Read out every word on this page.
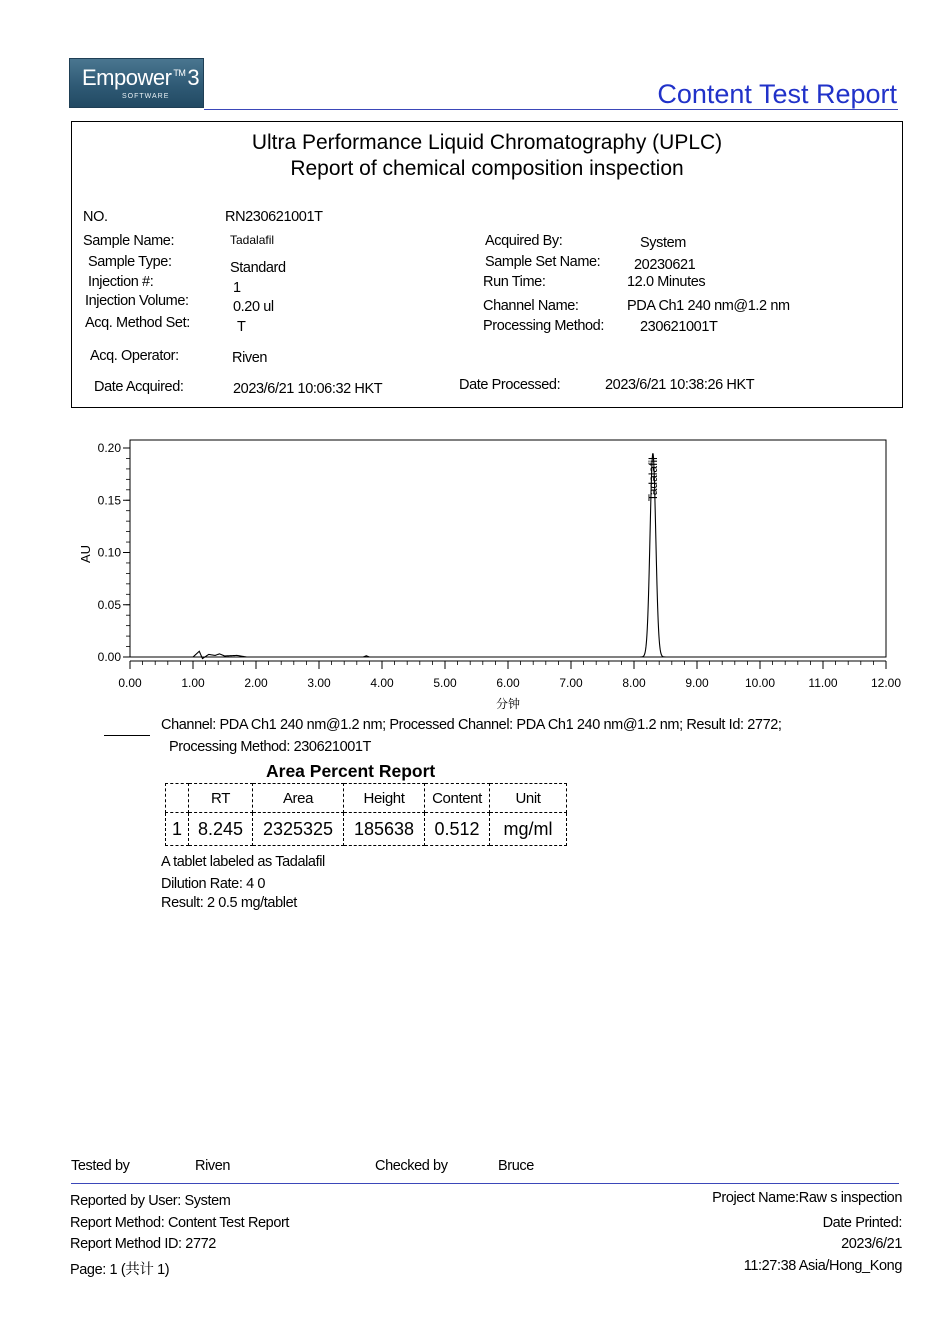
Empower ™3
SOFTWARE	Content Test Report
Ultra Performance Liquid Chromatography (UPLC)
Report of chemical composition inspection
NO.	RN230621001T
Sample Name:	Tadalafil
Sample Type:	Standard
Injection #:	1
Injection Volume:	0.20 ul
Acq. Method Set:	T
Acq. Operator:	Riven
Date Acquired:	2023/6/21 10:06:32 HKT
Acquired By:	System
Sample Set Name: 20230621
Run Time:	12.0 Minutes
Channel Name:	PDA Ch1 240 nm@1.2 nm
Processing Method: 230621001T
Date Processed:	2023/6/21 10:38:26 HKT
0.00
0.05
0.10
0.15
0.20
0.00	1.00	2.00	3.00	4.00	5.00	6.00	7.00	8.00	9.00	10.00	11.00	12.00
Tadalafil
AU
分钟
Channel: PDA Ch1 240 nm@1.2 nm; Processed Channel: PDA Ch1 240 nm@1.2 nm; Result Id: 2772;
Processing Method: 230621001T
Area Percent Report
	RT	Area	Height	Content	Unit
1	8.245	2325325	185638	0.512	mg/ml
A tablet labeled as Tadalafil
Dilution Rate: 4 0
Result: 2 0.5 mg/tablet
Tested by	Riven	Checked by	Bruce
Reported by User: System
Report Method: Content Test Report
Report Method ID: 2772
Page: 1 (共计 1)
Project Name:Raw s inspection
Date Printed:
2023/6/21
11:27:38 Asia/Hong_Kong
